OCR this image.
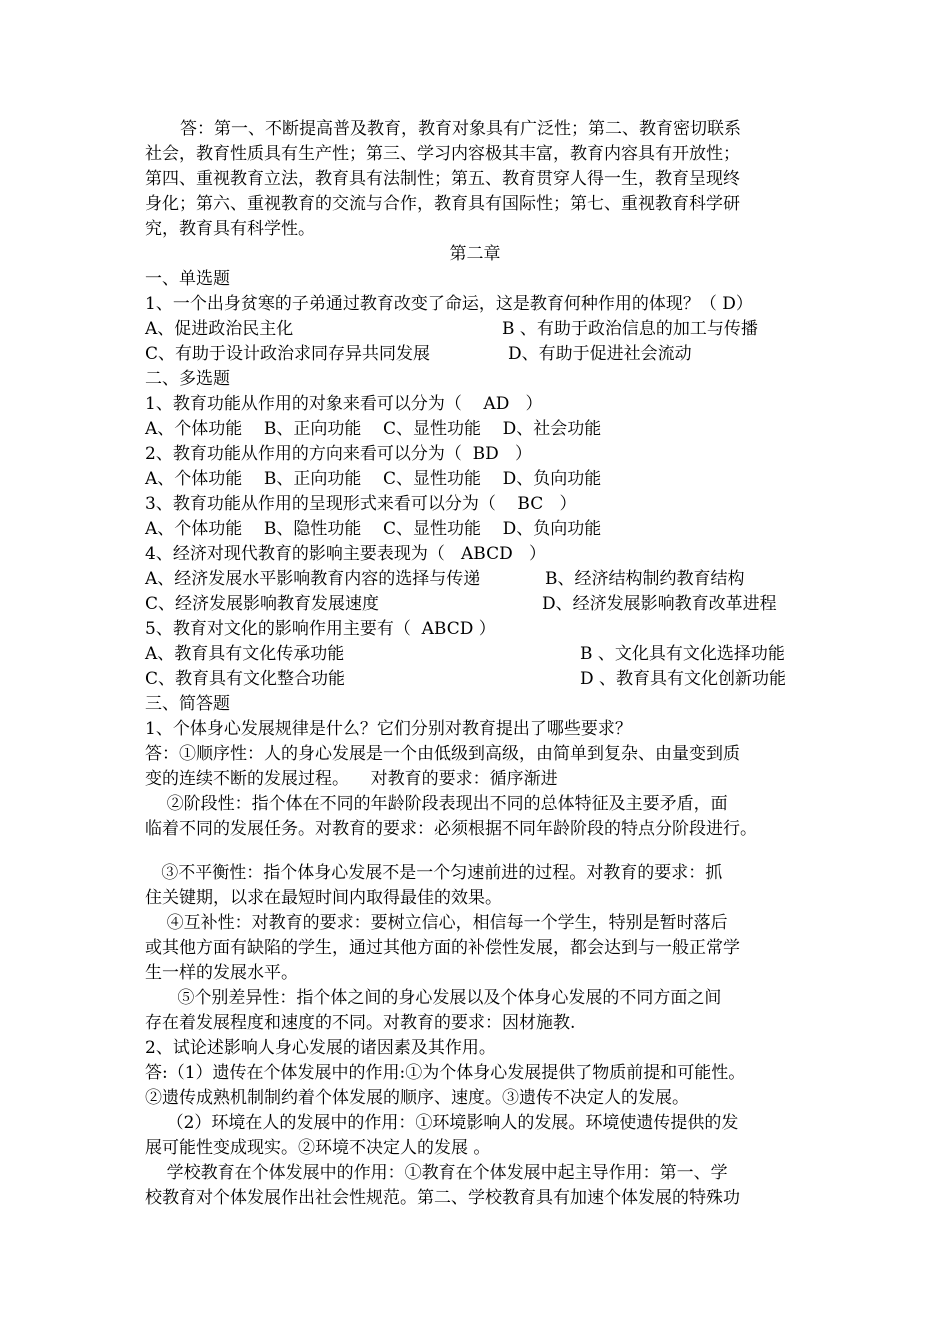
答：第一、不断提高普及教育，教育对象具有广泛性；第二、教育密切联系
社会，教育性质具有生产性；第三、学习内容极其丰富，教育内容具有开放性；
第四、重视教育立法，教育具有法制性；第五、教育贯穿人得一生，教育呈现终
身化；第六、重视教育的交流与合作，教育具有国际性；第七、重视教育科学研
究，教育具有科学性。
第二章
一、单选题
1、一个出身贫寒的子弟通过教育改变了命运，这是教育何种作用的体现？（ D）
A、促进政治民主化	B 、有助于政治信息的加工与传播
C、有助于设计政治求同存异共同发展	D、有助于促进社会流动
二、多选题
1、教育功能从作用的对象来看可以分为（    AD   ）
A、个体功能    B、正向功能    C、显性功能    D、社会功能
2、教育功能从作用的方向来看可以分为（  BD   ）
A、个体功能    B、正向功能    C、显性功能    D、负向功能
3、教育功能从作用的呈现形式来看可以分为（    BC   ）
A、个体功能    B、隐性功能    C、显性功能    D、负向功能
4、经济对现代教育的影响主要表现为（   ABCD   ）
A、经济发展水平影响教育内容的选择与传递	B、经济结构制约教育结构
C、经济发展影响教育发展速度	D、经济发展影响教育改革进程
5、教育对文化的影响作用主要有（  ABCD ）
A、教育具有文化传承功能	B 、文化具有文化选择功能
C、教育具有文化整合功能	D 、教育具有文化创新功能
三、简答题
1、个体身心发展规律是什么？它们分别对教育提出了哪些要求？
答：①顺序性：人的身心发展是一个由低级到高级，由简单到复杂、由量变到质
变的连续不断的发展过程。    对教育的要求：循序渐进
②阶段性：指个体在不同的年龄阶段表现出不同的总体特征及主要矛盾，面
临着不同的发展任务。对教育的要求：必须根据不同年龄阶段的特点分阶段进行。
③不平衡性：指个体身心发展不是一个匀速前进的过程。对教育的要求：抓
住关键期，以求在最短时间内取得最佳的效果。
④互补性：对教育的要求：要树立信心，相信每一个学生，特别是暂时落后
或其他方面有缺陷的学生，通过其他方面的补偿性发展，都会达到与一般正常学
生一样的发展水平。
⑤个别差异性：指个体之间的身心发展以及个体身心发展的不同方面之间
存在着发展程度和速度的不同。对教育的要求：因材施教.
2、试论述影响人身心发展的诸因素及其作用。
答:（1）遗传在个体发展中的作用:①为个体身心发展提供了物质前提和可能性。
②遗传成熟机制制约着个体发展的顺序、速度。③遗传不决定人的发展。
（2）环境在人的发展中的作用：①环境影响人的发展。环境使遗传提供的发
展可能性变成现实。②环境不决定人的发展 。
学校教育在个体发展中的作用：①教育在个体发展中起主导作用：第一、学
校教育对个体发展作出社会性规范。第二、学校教育具有加速个体发展的特殊功
